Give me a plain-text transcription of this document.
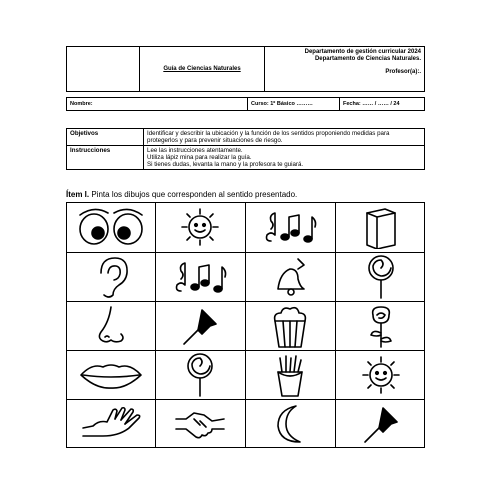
	Guía de Ciencias Naturales	
Departamento de gestión curricular 2024
Departamento de Ciencias Naturales.
Profesor(a):.
Nombre:	Curso: 1º Básico ………	Fecha: …… / …… / 24
Objetivos	Identificar y describir la ubicación y la función de los sentidos proponiendo medidas para protegerlos y para prevenir situaciones de riesgo.
Instrucciones	Lee las instrucciones atentamente.
Utiliza lápiz mina para realizar la guía.
Si tienes dudas, levanta la mano y la profesora te guiará.
Ítem I. Pinta los dibujos que corresponden al sentido presentado.
